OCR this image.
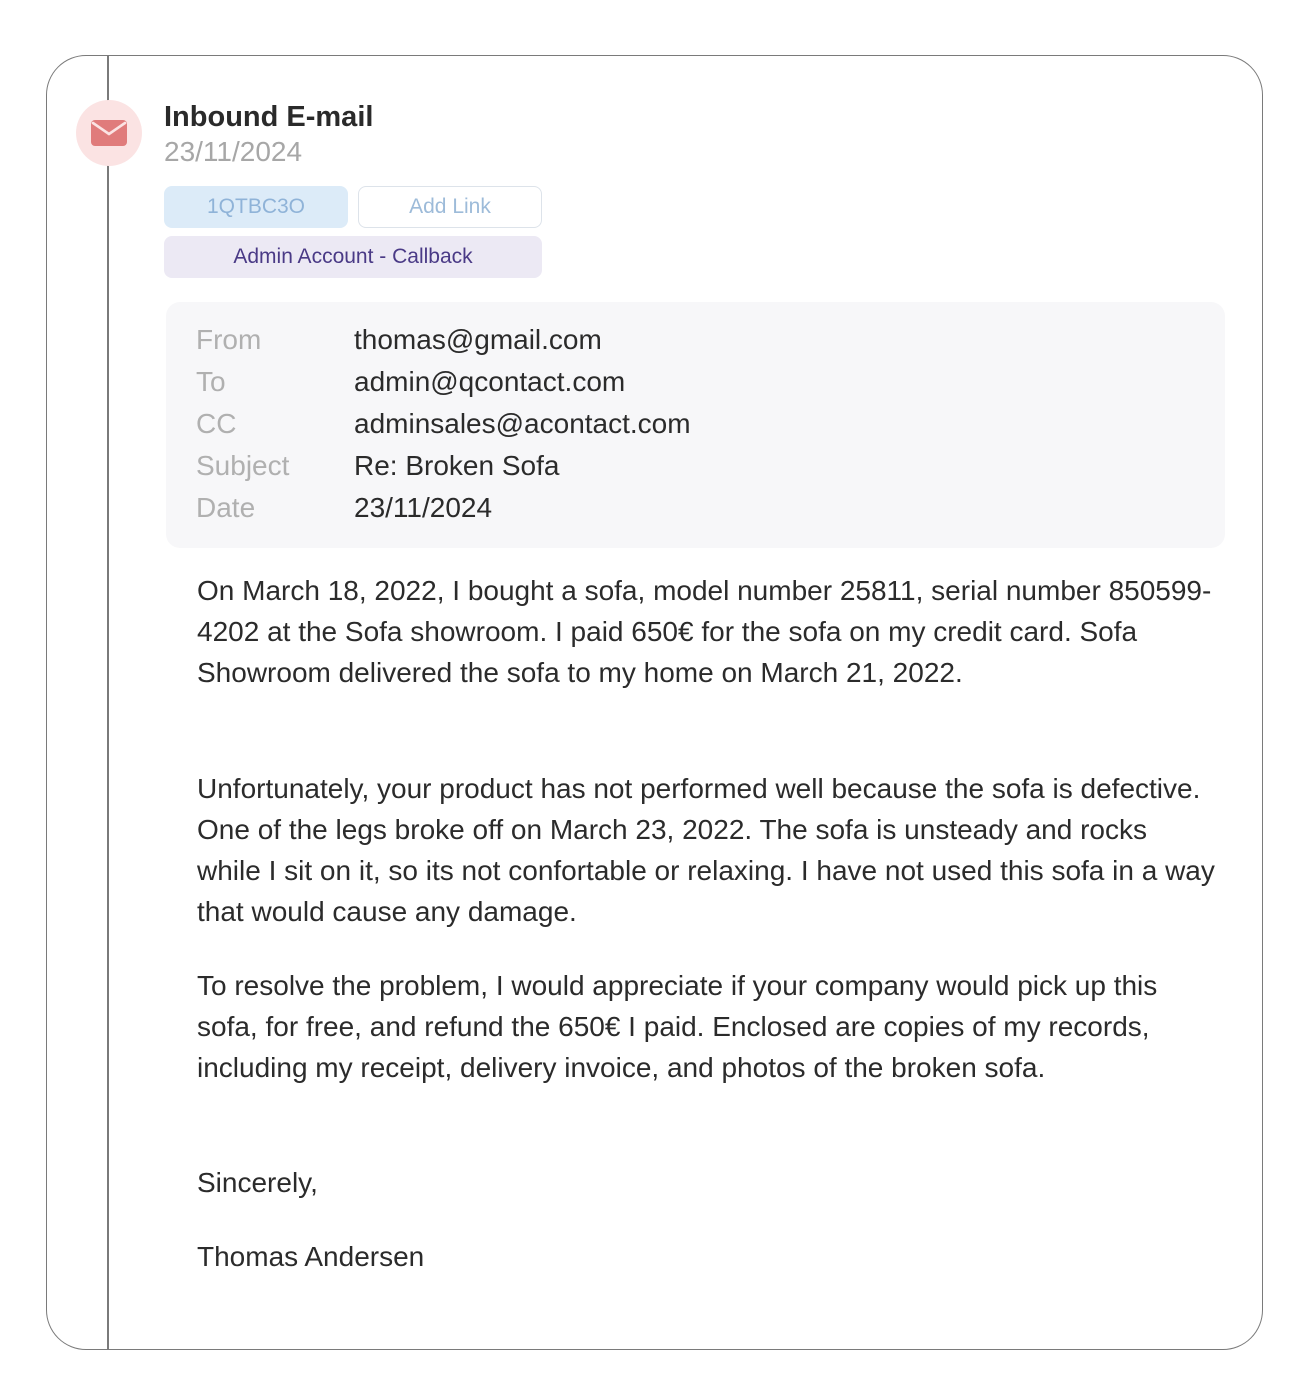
Inbound E-mail
23/11/2024
1QTBC3O	Add Link
Admin Account - Callback
From	thomas@gmail.com
To	admin@qcontact.com
CC	adminsales@acontact.com
Subject	Re: Broken Sofa
Date	23/11/2024

On March 18, 2022, I bought a sofa, model number 25811, serial number 850599-4202 at the Sofa showroom. I paid 650€ for the sofa on my credit card. Sofa Showroom delivered the sofa to my home on March 21, 2022.

Unfortunately, your product has not performed well because the sofa is defective. One of the legs broke off on March 23, 2022. The sofa is unsteady and rocks while I sit on it, so its not confortable or relaxing. I have not used this sofa in a way that would cause any damage.

To resolve the problem, I would appreciate if your company would pick up this sofa, for free, and refund the 650€ I paid. Enclosed are copies of my records, including my receipt, delivery invoice, and photos of the broken sofa.

Sincerely,

Thomas Andersen
